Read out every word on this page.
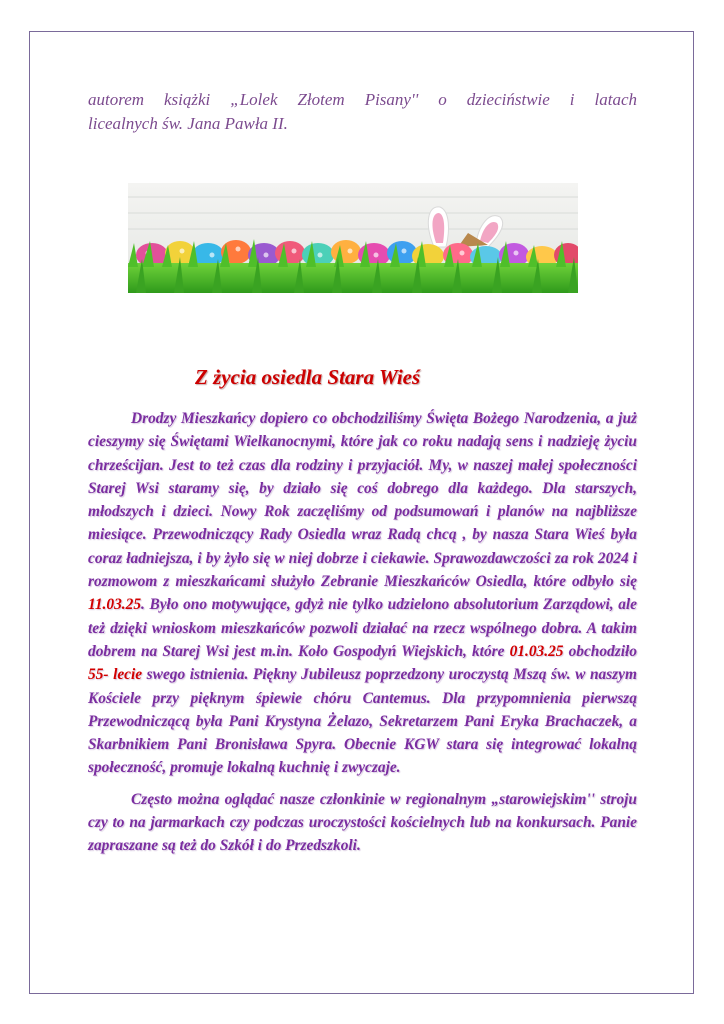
autorem książki „Lolek Złotem Pisany'' o dzieciństwie i latach
licealnych św. Jana Pawła II.
Z życia osiedla Stara Wieś

Drodzy Mieszkańcy dopiero co obchodziliśmy Święta Bożego Narodzenia, a już cieszymy się Świętami Wielkanocnymi, które jak co roku nadają sens i nadzieję życiu chrześcijan. Jest to też czas dla rodziny i przyjaciół. My, w naszej małej społeczności Starej Wsi staramy się, by działo się coś dobrego dla każdego. Dla starszych, młodszych i dzieci. Nowy Rok zaczęliśmy od podsumowań i planów na najbliższe miesiące. Przewodniczący Rady Osiedla wraz Radą chcą , by nasza Stara Wieś była coraz ładniejsza, i by żyło się w niej dobrze i ciekawie. Sprawozdawczości za rok 2024 i rozmowom z mieszkańcami służyło Zebranie Mieszkańców Osiedla, które odbyło się 11.03.25. Było ono motywujące, gdyż nie tylko udzielono absolutorium Zarządowi, ale też dzięki wnioskom mieszkańców pozwoli działać na rzecz wspólnego dobra. A takim dobrem na Starej Wsi jest m.in. Koło Gospodyń Wiejskich, które 01.03.25 obchodziło 55- lecie swego istnienia. Piękny Jubileusz poprzedzony uroczystą Mszą św. w naszym Kościele przy pięknym śpiewie chóru Cantemus. Dla przypomnienia pierwszą Przewodniczącą była Pani Krystyna Żelazo, Sekretarzem Pani Eryka Brachaczek, a Skarbnikiem Pani Bronisława Spyra. Obecnie KGW stara się integrować lokalną społeczność, promuje lokalną kuchnię i zwyczaje.

Często można oglądać nasze członkinie w regionalnym „starowiejskim'' stroju czy to na jarmarkach czy podczas uroczystości kościelnych lub na konkursach. Panie zapraszane są też do Szkół i do Przedszkoli.
